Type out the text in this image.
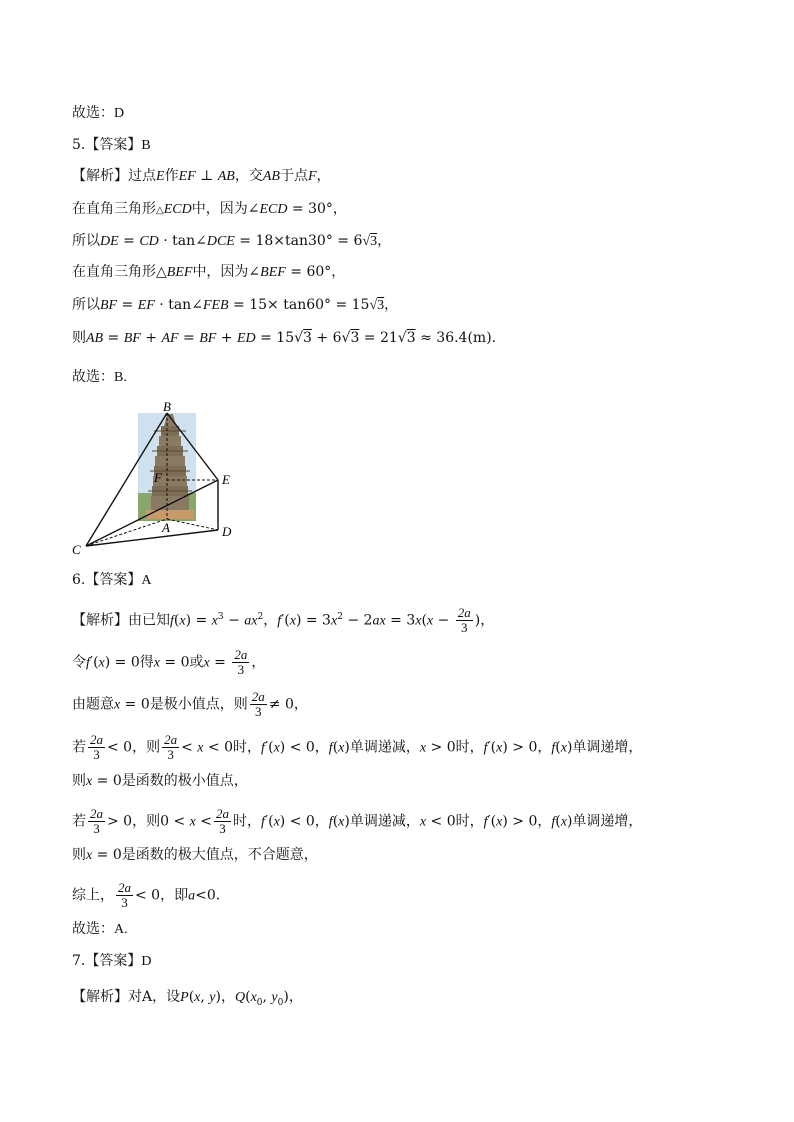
故选：D
5.【答案】B
【解析】过点E作EF ⊥ AB，交AB于点F，
在直角三角形△ECD中，因为∠ECD = 30°，
所以DE = CD · tan∠DCE = 18×tan30° = 6√3，
在直角三角形△BEF中，因为∠BEF = 60°，
所以BF = EF · tan∠FEB = 15× tan60° = 15√3，
则AB = BF + AF = BF + ED = 15√3 + 6√3 = 21√3 ≈ 36.4(m).
故选：B.
B
E
F
A	D
C
6.【答案】A
【解析】由已知$f(x) = x^3 - ax^2$，$f'(x) = 3x^2 - 2ax = 3x(x - \frac{2a}{3}$ )，
令f′(x) = 0得x = 0或$x = \frac{2a}{3}$ ，
由题意x = 0是极小值点，则 $\frac{2a}{3} \ne 0$，
若 $\frac{2a}{3} < 0$，则 $\frac{2a}{3} < x < 0$时，f′(x) < 0，f(x)单调递减，x > 0时，f′(x) > 0，f(x)单调递增，
则x = 0是函数的极小值点，
若 $\frac{2a}{3} > 0$，则$0 < x < \frac{2a}{3}$ 时，f′(x) < 0，f(x)单调递减，x < 0时，f′(x) > 0，f(x)单调递增，
则x = 0是函数的极大值点，不合题意，
综上， $\frac{2a}{3} < 0$，即a<0.
故选：A.
7.【答案】D
【解析】对A，设P(x, y)，$Q(x_0$, $y_0$)，
